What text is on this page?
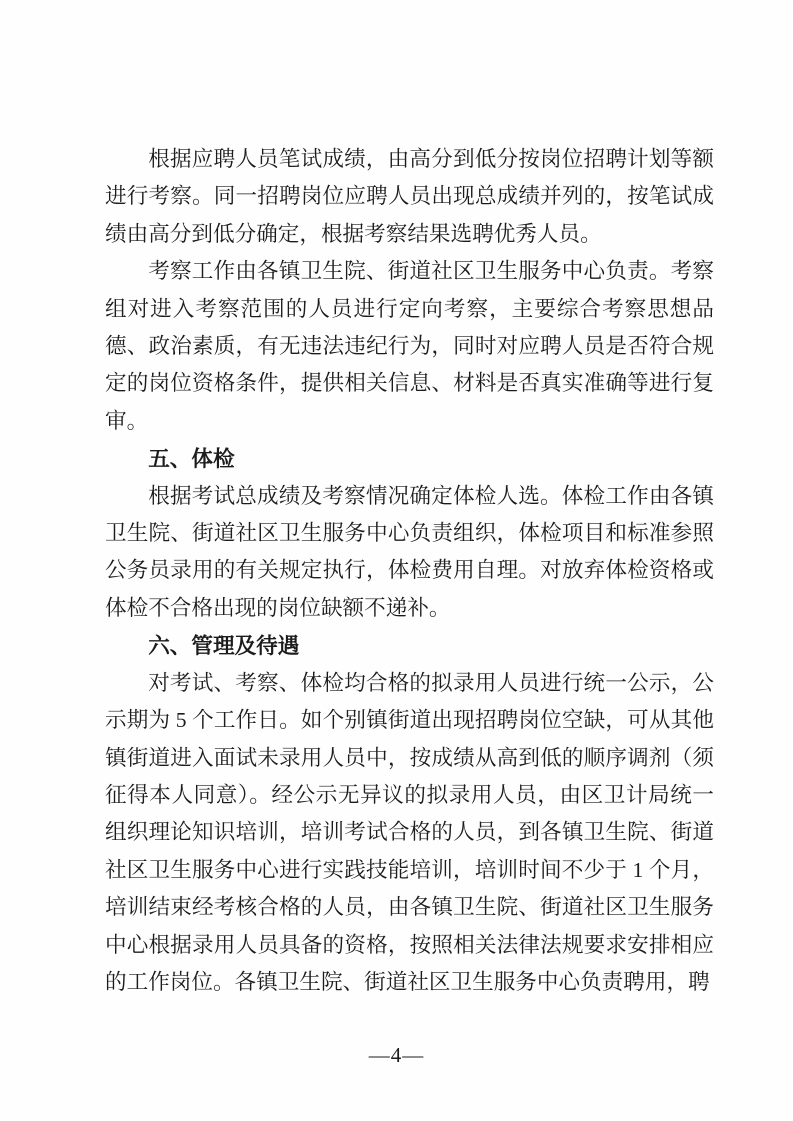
根据应聘人员笔试成绩，由高分到低分按岗位招聘计划等额进行考察。同一招聘岗位应聘人员出现总成绩并列的，按笔试成绩由高分到低分确定，根据考察结果选聘优秀人员。

考察工作由各镇卫生院、街道社区卫生服务中心负责。考察组对进入考察范围的人员进行定向考察，主要综合考察思想品德、政治素质，有无违法违纪行为，同时对应聘人员是否符合规定的岗位资格条件，提供相关信息、材料是否真实准确等进行复审。

五、体检

根据考试总成绩及考察情况确定体检人选。体检工作由各镇卫生院、街道社区卫生服务中心负责组织，体检项目和标准参照公务员录用的有关规定执行，体检费用自理。对放弃体检资格或体检不合格出现的岗位缺额不递补。

六、管理及待遇

对考试、考察、体检均合格的拟录用人员进行统一公示，公示期为 5 个工作日。如个别镇街道出现招聘岗位空缺，可从其他镇街道进入面试未录用人员中，按成绩从高到低的顺序调剂（须征得本人同意）。经公示无异议的拟录用人员，由区卫计局统一组织理论知识培训，培训考试合格的人员，到各镇卫生院、街道社区卫生服务中心进行实践技能培训，培训时间不少于 1 个月，培训结束经考核合格的人员，由各镇卫生院、街道社区卫生服务中心根据录用人员具备的资格，按照相关法律法规要求安排相应的工作岗位。各镇卫生院、街道社区卫生服务中心负责聘用，聘

—4—
